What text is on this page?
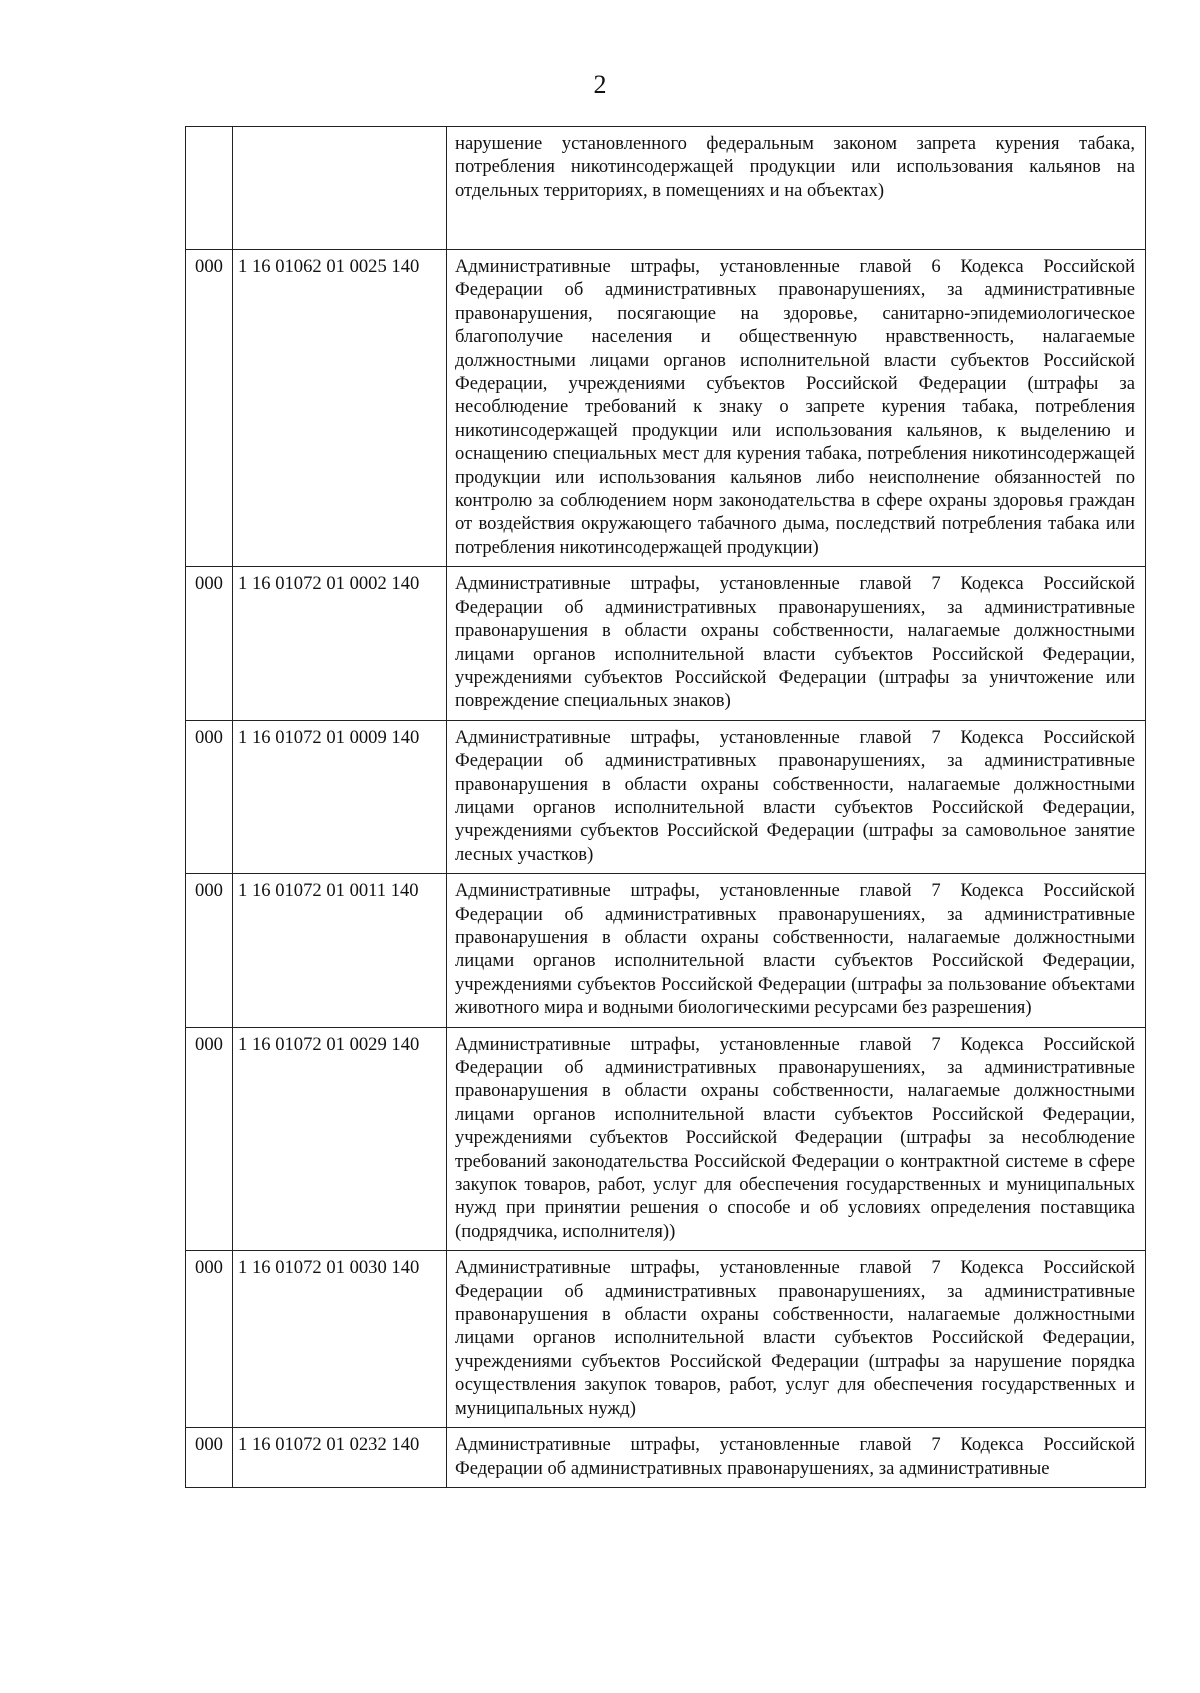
2
		нарушение установленного федеральным законом запрета курения табака, потребления никотинсодержащей продукции или использования кальянов на отдельных территориях, в помещениях и на объектах)
000	1 16 01062 01 0025 140	Административные штрафы, установленные главой 6 Кодекса Российской Федерации об административных правонарушениях, за административные правонарушения, посягающие на здоровье, санитарно-эпидемиологическое благополучие населения и общественную нравственность, налагаемые должностными лицами органов исполнительной власти субъектов Российской Федерации, учреждениями субъектов Российской Федерации (штрафы за несоблюдение требований к знаку о запрете курения табака, потребления никотинсодержащей продукции или использования кальянов, к выделению и оснащению специальных мест для курения табака, потребления никотинсодержащей продукции или использования кальянов либо неисполнение обязанностей по контролю за соблюдением норм законодательства в сфере охраны здоровья граждан от воздействия окружающего табачного дыма, последствий потребления табака или потребления никотинсодержащей продукции)
000	1 16 01072 01 0002 140	Административные штрафы, установленные главой 7 Кодекса Российской Федерации об административных правонарушениях, за административные правонарушения в области охраны собственности, налагаемые должностными лицами органов исполнительной власти субъектов Российской Федерации, учреждениями субъектов Российской Федерации (штрафы за уничтожение или повреждение специальных знаков)
000	1 16 01072 01 0009 140	Административные штрафы, установленные главой 7 Кодекса Российской Федерации об административных правонарушениях, за административные правонарушения в области охраны собственности, налагаемые должностными лицами органов исполнительной власти субъектов Российской Федерации, учреждениями субъектов Российской Федерации (штрафы за самовольное занятие лесных участков)
000	1 16 01072 01 0011 140	Административные штрафы, установленные главой 7 Кодекса Российской Федерации об административных правонарушениях, за административные правонарушения в области охраны собственности, налагаемые должностными лицами органов исполнительной власти субъектов Российской Федерации, учреждениями субъектов Российской Федерации (штрафы за пользование объектами животного мира и водными биологическими ресурсами без разрешения)
000	1 16 01072 01 0029 140	Административные штрафы, установленные главой 7 Кодекса Российской Федерации об административных правонарушениях, за административные правонарушения в области охраны собственности, налагаемые должностными лицами органов исполнительной власти субъектов Российской Федерации, учреждениями субъектов Российской Федерации (штрафы за несоблюдение требований законодательства Российской Федерации о контрактной системе в сфере закупок товаров, работ, услуг для обеспечения государственных и муниципальных нужд при принятии решения о способе и об условиях определения поставщика (подрядчика, исполнителя))
000	1 16 01072 01 0030 140	Административные штрафы, установленные главой 7 Кодекса Российской Федерации об административных правонарушениях, за административные правонарушения в области охраны собственности, налагаемые должностными лицами органов исполнительной власти субъектов Российской Федерации, учреждениями субъектов Российской Федерации (штрафы за нарушение порядка осуществления закупок товаров, работ, услуг для обеспечения государственных и муниципальных нужд)
000	1 16 01072 01 0232 140	Административные штрафы, установленные главой 7 Кодекса Российской Федерации об административных правонарушениях, за административные
